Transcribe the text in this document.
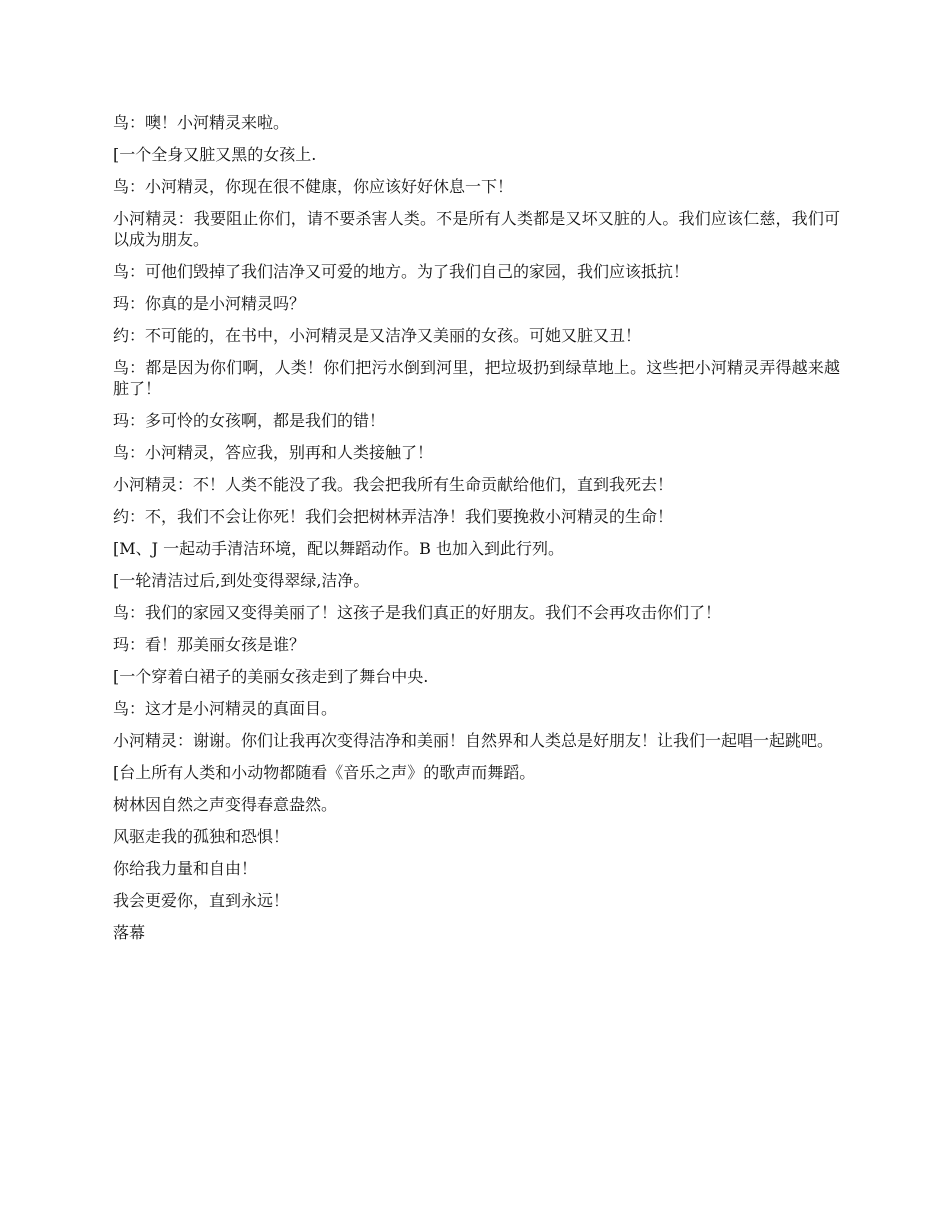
鸟：噢！小河精灵来啦。

[一个全身又脏又黑的女孩上.

鸟：小河精灵，你现在很不健康，你应该好好休息一下！

小河精灵：我要阻止你们，请不要杀害人类。不是所有人类都是又坏又脏的人。我们应该仁慈，我们可以成为朋友。

鸟：可他们毁掉了我们洁净又可爱的地方。为了我们自己的家园，我们应该抵抗！

玛：你真的是小河精灵吗？

约：不可能的，在书中，小河精灵是又洁净又美丽的女孩。可她又脏又丑！

鸟：都是因为你们啊，人类！你们把污水倒到河里，把垃圾扔到绿草地上。这些把小河精灵弄得越来越脏了！

玛：多可怜的女孩啊，都是我们的错！

鸟：小河精灵，答应我，别再和人类接触了！

小河精灵：不！人类不能没了我。我会把我所有生命贡献给他们，直到我死去！

约：不，我们不会让你死！我们会把树林弄洁净！我们要挽救小河精灵的生命！

[M、J 一起动手清洁环境，配以舞蹈动作。B 也加入到此行列。

[一轮清洁过后,到处变得翠绿,洁净。

鸟：我们的家园又变得美丽了！这孩子是我们真正的好朋友。我们不会再攻击你们了！

玛：看！那美丽女孩是谁？

[一个穿着白裙子的美丽女孩走到了舞台中央.

鸟：这才是小河精灵的真面目。

小河精灵：谢谢。你们让我再次变得洁净和美丽！自然界和人类总是好朋友！让我们一起唱一起跳吧。

[台上所有人类和小动物都随看《音乐之声》的歌声而舞蹈。

树林因自然之声变得春意盎然。

风驱走我的孤独和恐惧！

你给我力量和自由！

我会更爱你，直到永远！

落幕
